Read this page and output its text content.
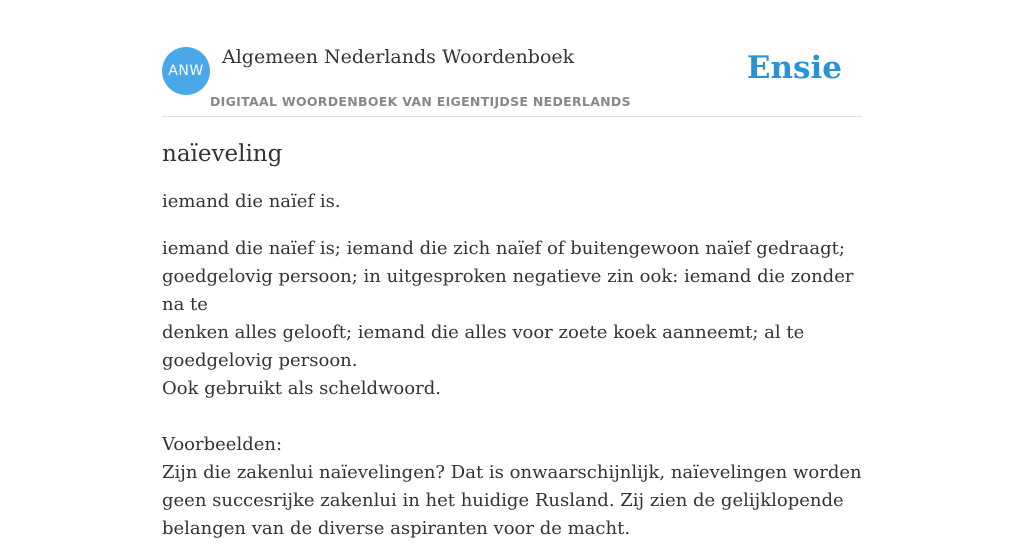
ANW
Algemeen Nederlands Woordenboek
DIGITAAL WOORDENBOEK VAN EIGENTIJDSE NEDERLANDS
Ensie
naïeveling

iemand die naïef is.

iemand die naïef is; iemand die zich naïef of buitengewoon naïef gedraagt;
goedgelovig persoon; in uitgesproken negatieve zin ook: iemand die zonder na te
denken alles gelooft; iemand die alles voor zoete koek aanneemt; al te
goedgelovig persoon.
Ook gebruikt als scheldwoord.
Voorbeelden:
Zijn die zakenlui naïevelingen? Dat is onwaarschijnlijk, naïevelingen worden
geen succesrijke zakenlui in het huidige Rusland. Zij zien de gelijklopende
belangen van de diverse aspiranten voor de macht.
